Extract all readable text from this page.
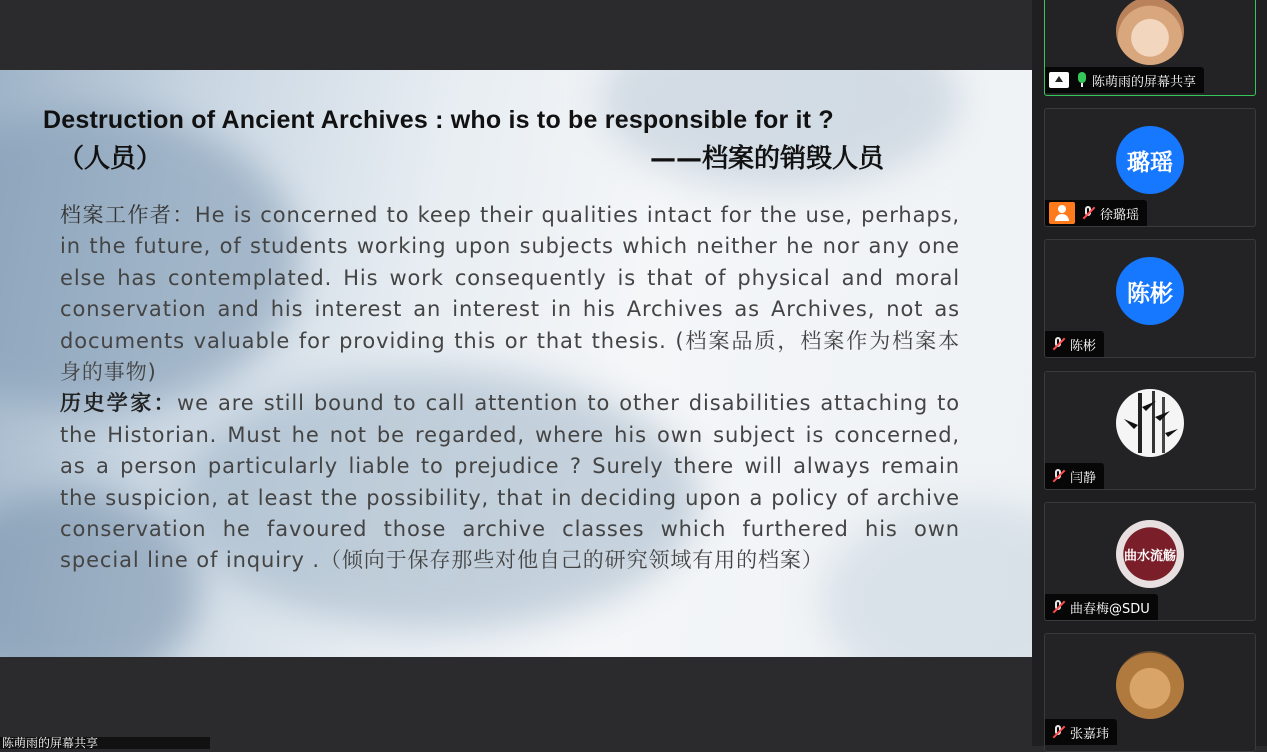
Destruction of Ancient Archives : who is to be responsible for it ?
（人员）	——档案的销毁人员
档案工作者：He is concerned to keep their qualities intact for the use, perhaps, in the future, of students working upon subjects which neither he nor any one else has contemplated. His work consequently is that of physical and moral conservation and his interest an interest in his Archives as Archives, not as documents valuable for providing this or that thesis. (档案品质，档案作为档案本身的事物)
历史学家：we are still bound to call attention to other disabilities attaching to the Historian. Must he not be regarded, where his own subject is concerned, as a person particularly liable to prejudice ? Surely there will always remain the suspicion, at least the possibility, that in deciding upon a policy of archive conservation he favoured those archive classes which furthered his own special line of inquiry .（倾向于保存那些对他自己的研究领域有用的档案）
陈萌雨的屏幕共享
璐瑶
徐璐瑶
陈彬
陈彬
闫静
曲水流觞
曲春梅@SDU
张嘉玮
陈萌雨的屏幕共享
